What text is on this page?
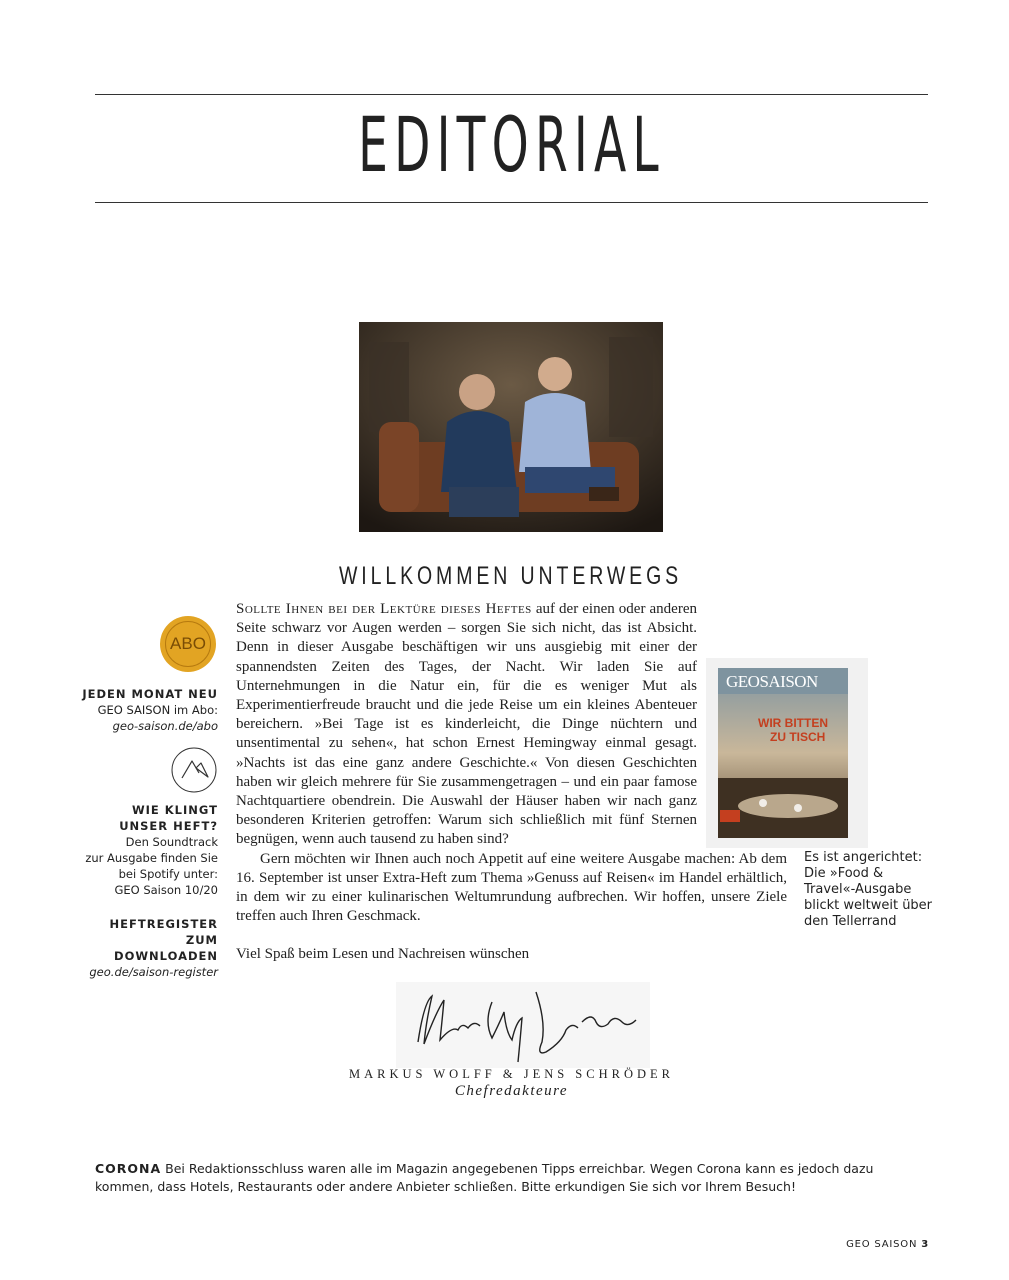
EDITORIAL
WILLKOMMEN UNTERWEGS

Sollte Ihnen bei der Lektüre dieses Heftes auf der einen oder anderen Seite schwarz vor Augen werden – sorgen Sie sich nicht, das ist Absicht. Denn in dieser Ausgabe beschäftigen wir uns ausgiebig mit einer der spannendsten Zeiten des Tages, der Nacht. Wir laden Sie auf Unternehmungen in die Natur ein, für die es weniger Mut als Experimentierfreude braucht und die jede Reise um ein kleines Abenteuer bereichern. »Bei Tage ist es kinderleicht, die Dinge nüchtern und unsentimental zu sehen«, hat schon Ernest Hemingway einmal gesagt. »Nachts ist das eine ganz andere Geschichte.« Von diesen Geschichten haben wir gleich mehrere für Sie zusammengetragen – und ein paar famose Nachtquartiere obendrein. Die Auswahl der Häuser haben wir nach ganz besonderen Kriterien getroffen: Warum sich schließlich mit fünf Sternen begnügen, wenn auch tausend zu haben sind?

Gern möchten wir Ihnen auch noch Appetit auf eine weitere Ausgabe machen: Ab dem 16. September ist unser Extra-Heft zum Thema »Genuss auf Reisen« im Handel erhältlich, in dem wir zu einer kulinarischen Weltumrundung aufbrechen. Wir hoffen, unsere Ziele treffen auch Ihren Geschmack.

Viel Spaß beim Lesen und Nachreisen wünschen

ABO
JEDEN MONAT NEU
GEO SAISON im Abo:
geo-saison.de/abo
WIE KLINGT
UNSER HEFT?
Den Soundtrack
zur Ausgabe finden Sie
bei Spotify unter:
GEO Saison 10/20
HEFTREGISTER
ZUM DOWNLOADEN
geo.de/saison-register
GEOSAISON
WIR BITTEN
ZU TISCH
Es ist angerichtet: Die »Food & Travel«-Ausgabe blickt weltweit über den Tellerrand
MARKUS WOLFF & JENS SCHRÖDER
Chefredakteure
CORONA Bei Redaktionsschluss waren alle im Magazin angegebenen Tipps erreichbar. Wegen Corona kann es jedoch dazu kommen, dass Hotels, Restaurants oder andere Anbieter schließen. Bitte erkundigen Sie sich vor Ihrem Besuch!
GEO SAISON 3
